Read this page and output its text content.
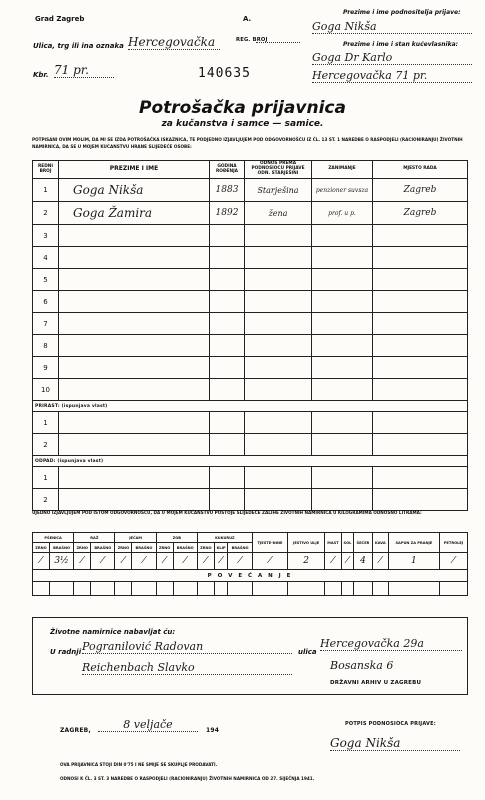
Grad Zagreb	A.
REG. BROJ
Ulica, trg ili ina oznaka Hercegovačka
Kbr. 71 pr.	140635
Prezime i ime podnositelja prijave:
Goga Nikša
Prezime i ime i stan kućevlasnika:
Goga Dr Karlo
Hercegovačka 71 pr.
Potrošačka prijavnica
za kučanstva i samce — samice.
POTPISANI OVIM MOLIM, DA MI SE IZDA POTROŠAČKA ISKAZNICA, TE PODJEDNO IZJAVLJUJEM POD ODGOVORNOŠĆU IZ ČL. 13 ST. 1 NAREDBE O RASPODJELI (RACIONIRANJU) ŽIVOTNIH NAMIRNICA, DA SE U MOJEM KUĆANSTVU HRANE SLIJEDEĆE OSOBE:
REDNI BROJ	PREZIME I IME	GODINA ROĐENJA	ODNOS PREMA PODNOSIOCU PRIJAVE ODN. STARJEŠINI	ZANIMANJE	MJESTO RADA
1	Goga Nikša	1883	Starješina	penzioner suvsza	Zagreb
2	Goga Žamira	1892	žena	prof. u p.	Zagreb
3					
4					
5					
6					
7					
8					
9					
10					
PRIRAST: (ispunjava vlast)					
1					
2					
ODPAD: (ispunjava vlast)					
1					
2					
UJEDNO IZJAVLJUJEM POD ISTOM ODGOVORNOŠĆU, DA U MOJEM KUĆANSTVU POSTOJE SLIJEDEĆE ZALIHE ŽIVOTNIH NAMIRNICA U KILOGRAMIMA ODNOSNO LITRAMA:
PŠENICA		RAŽ		JEČAM		ZOB		KUKURUZ			TJESTE-NINE	JESTIVO ULJE	MAST	SOL	ŠEĆER	KAVA	SAPUN ZA PRANJE	PETROLEJ
ZRNO	BRAŠNO	ZRNO	BRAŠNO	ZRNO	BRAŠNO	ZRNO	BRAŠNO	ZRNO	KLIP	BRAŠNO								
⁄	3½	⁄	⁄	⁄	⁄	⁄	⁄	⁄	⁄	⁄	⁄	2	⁄	⁄	4	⁄	1	⁄
P O V E Ć A N J E																		

Životne namirnice nabavljat ću:
U radnji Pogranilović Radovan
Reichenbach Slavko
ulica
Hercegovačka 29a
Bosanska 6
DRŽAVNI ARHIV U ZAGREBU
ZAGREB,	8 veljače	194
POTPIS PODNOSIOCA PRIJAVE:
Goga Nikša
OVA PRIJAVNICA STOJI DIN 0'75 I NE SMIJE SE SKUPLJE PRODAVATI.
ODNOSI K ČL. 3 ST. 3 NAREDBE O RASPODJELI (RACIONIRANJU) ŽIVOTNIH NAMIRNICA OD 27. SIJEČNJA 1941.
